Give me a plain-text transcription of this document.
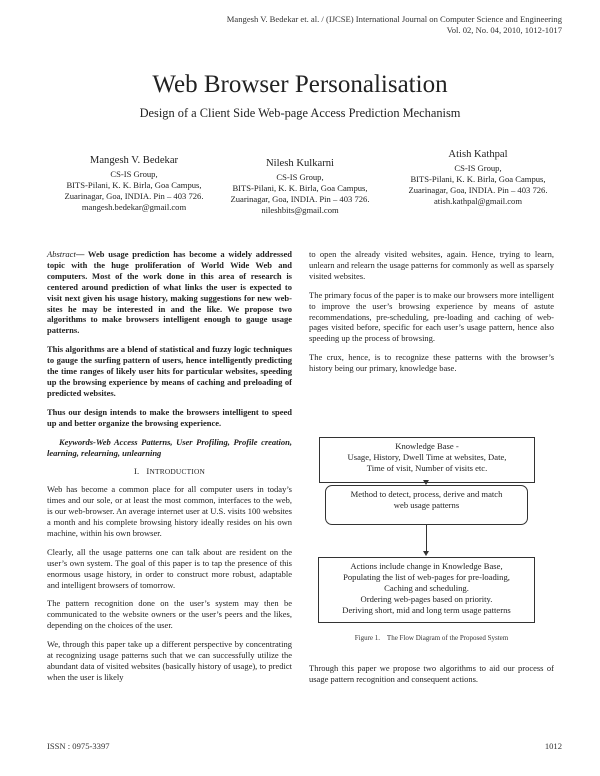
Mangesh V. Bedekar et. al. / (IJCSE) International Journal on Computer Science and Engineering
Vol. 02, No. 04, 2010, 1012-1017
Web Browser Personalisation
Design of a Client Side Web-page Access Prediction Mechanism
Mangesh V. Bedekar
CS-IS Group,
BITS-Pilani, K. K. Birla, Goa Campus,
Zuarinagar, Goa, INDIA. Pin – 403 726.
mangesh.bedekar@gmail.com
Nilesh Kulkarni
CS-IS Group,
BITS-Pilani, K. K. Birla, Goa Campus,
Zuarinagar, Goa, INDIA. Pin – 403 726.
nileshbits@gmail.com
Atish Kathpal
CS-IS Group,
BITS-Pilani, K. K. Birla, Goa Campus,
Zuarinagar, Goa, INDIA. Pin – 403 726.
atish.kathpal@gmail.com

Abstract— Web usage prediction has become a widely addressed topic with the huge proliferation of World Wide Web and computers. Most of the work done in this area of research is centered around prediction of what links the user is expected to visit next given his usage history, making suggestions for new web-sites he may be interested in and the like. We propose two algorithms to make browsers intelligent enough to gauge usage patterns.

This algorithms are a blend of statistical and fuzzy logic techniques to gauge the surfing pattern of users, hence intelligently predicting the time ranges of likely user hits for particular websites, speeding up the browsing experience by means of caching and preloading of predicted websites.

Thus our design intends to make the browsers intelligent to speed up and better organize the browsing experience.

Keywords-Web Access Patterns, User Profiling, Profile creation, learning, relearning, unlearning

I. INTRODUCTION

Web has become a common place for all computer users in today’s times and our sole, or at least the most common, interfaces to the web, is our web-browser. An average internet user at U.S. visits 100 websites a month and his complete browsing history ideally resides on his own machine, within his own browser.

Clearly, all the usage patterns one can talk about are resident on the user’s own system. The goal of this paper is to tap the presence of this enormous usage history, in order to construct more robust, adaptable and intelligent browsers of tomorrow.

The pattern recognition done on the user’s system may then be communicated to the website owners or the user’s peers and the likes, depending on the choices of the user.

We, through this paper take up a different perspective by concentrating at recognizing usage patterns such that we can successfully utilize the abundant data of visited websites (basically history of usage), to predict when the user is likely

to open the already visited websites, again. Hence, trying to learn, unlearn and relearn the usage patterns for commonly as well as sparsely visited websites.

The primary focus of the paper is to make our browsers more intelligent to improve the user’s browsing experience by means of astute recommendations, pre-scheduling, pre-loading and caching of web-pages visited before, specific for each user’s usage pattern, hence also speeding up the process of browsing.

The crux, hence, is to recognize these patterns with the browser’s history being our primary, knowledge base.

Knowledge Base -
Usage, History, Dwell Time at websites, Date,
Time of visit, Number of visits etc.
Method to detect, process, derive and match
web usage patterns
Actions include change in Knowledge Base,
Populating the list of web-pages for pre-loading,
Caching and scheduling.
Ordering web-pages based on priority.
Deriving short, mid and long term usage patterns
Figure 1.    The Flow Diagram of the Proposed System

Through this paper we propose two algorithms to aid our process of usage pattern recognition and consequent actions.

ISSN : 0975-3397	1012
